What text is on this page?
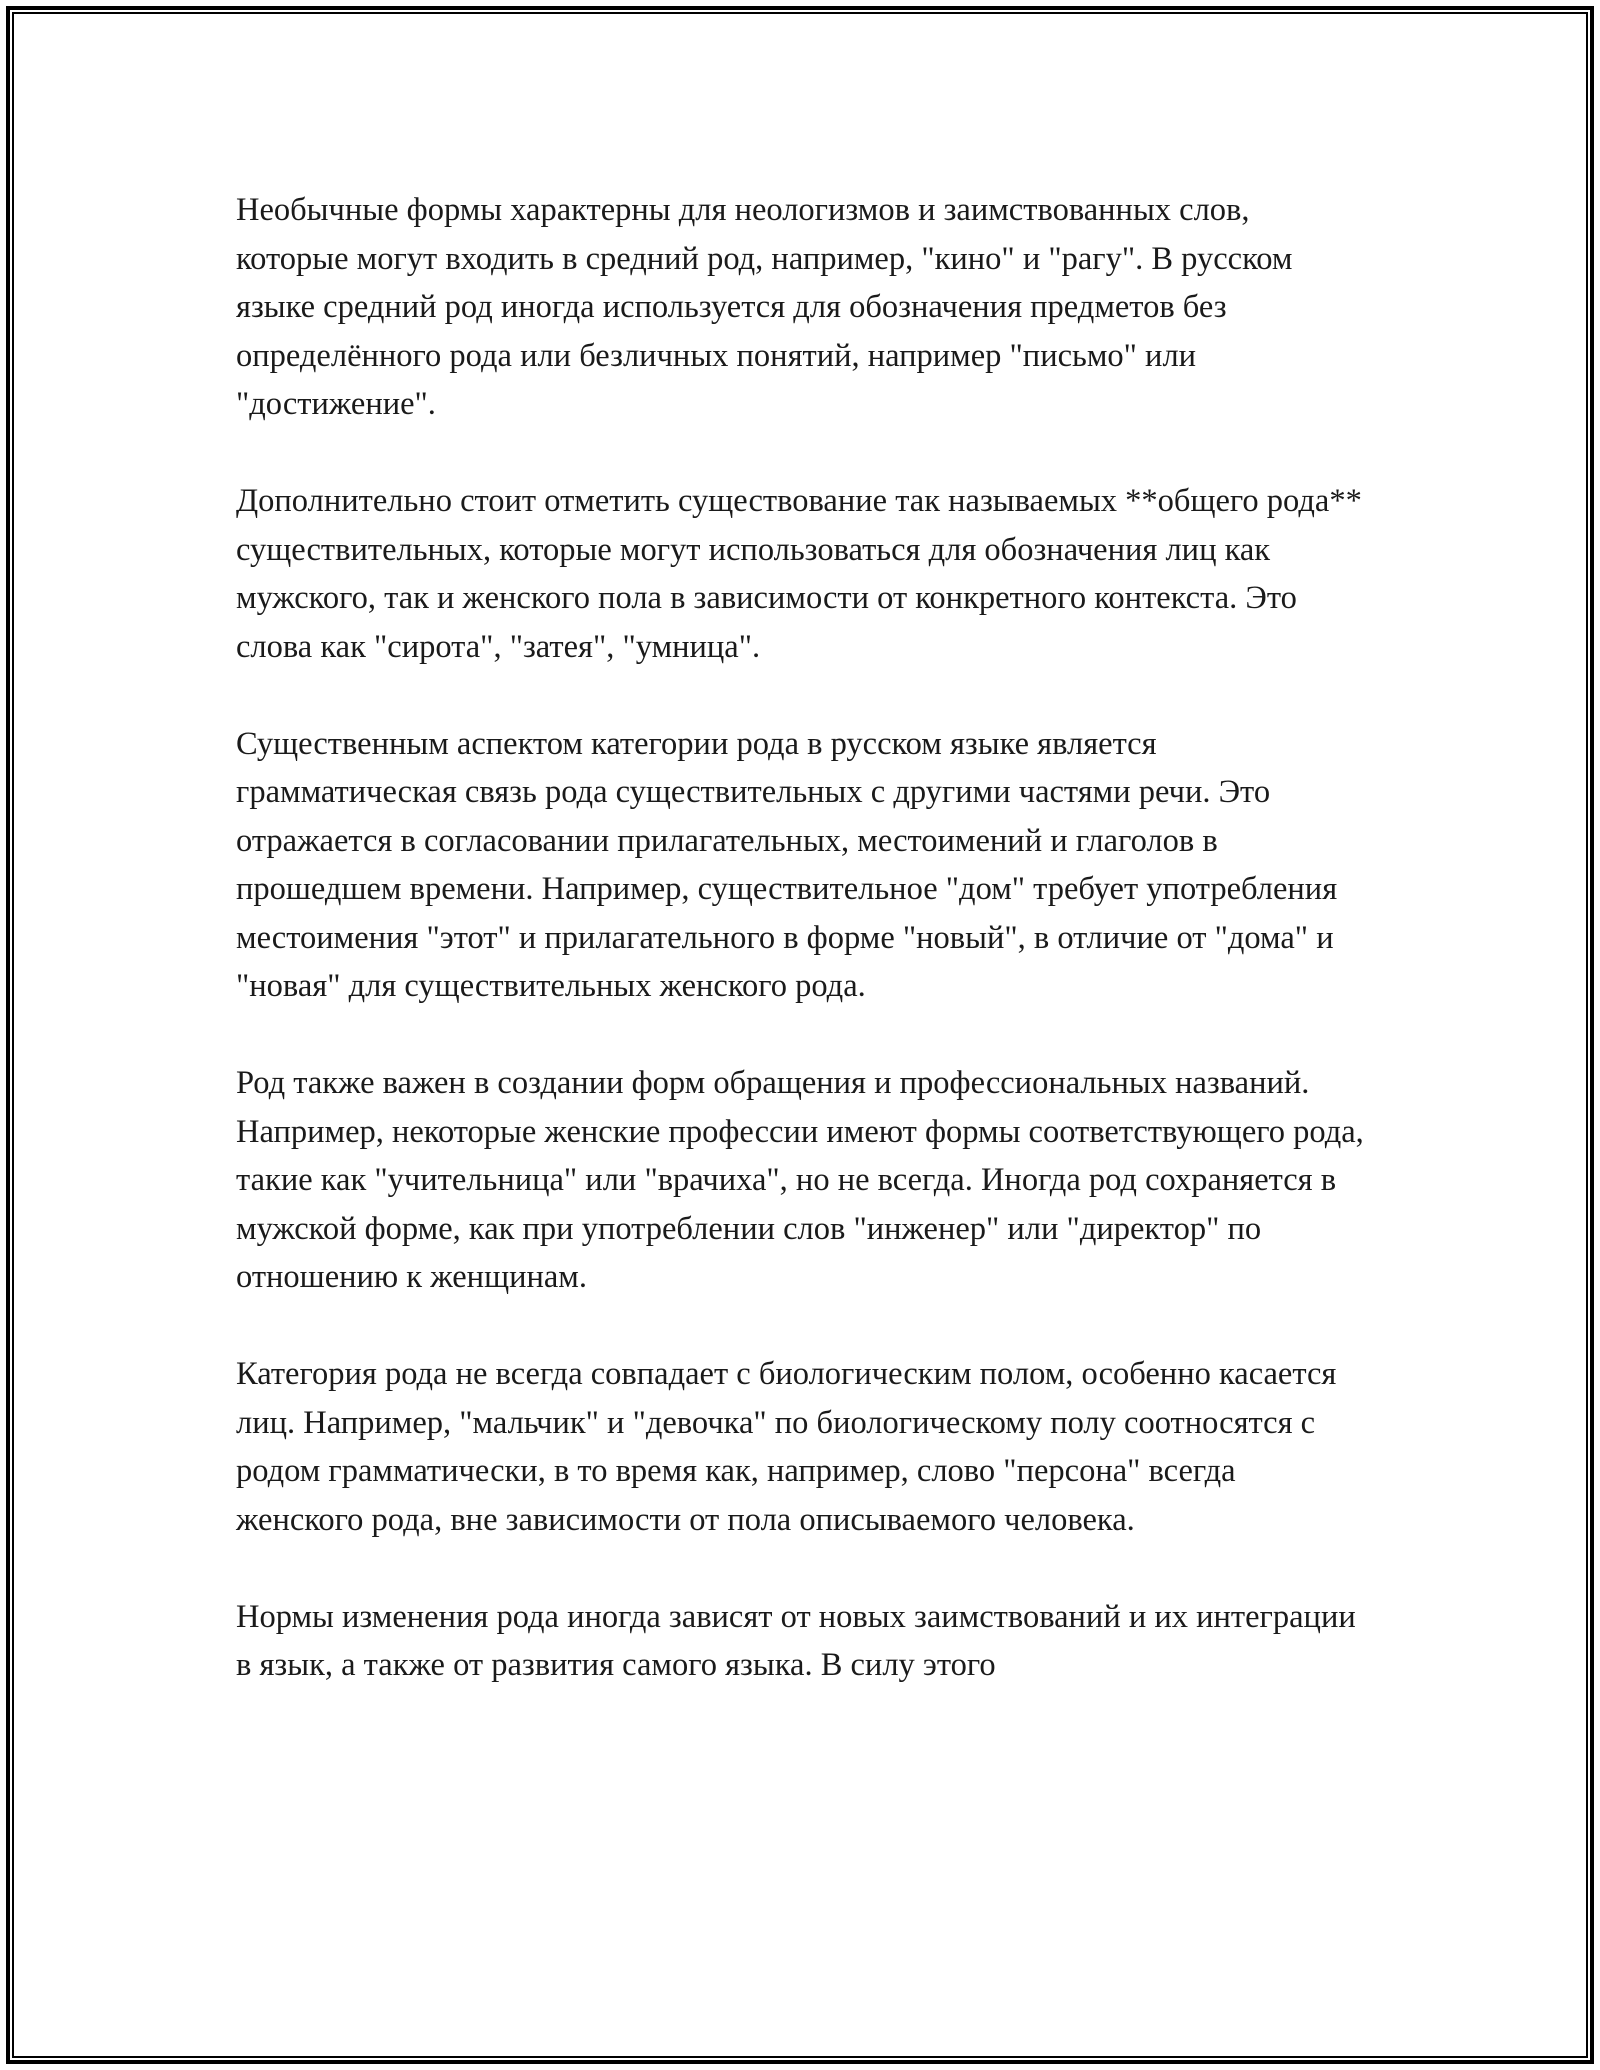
Необычные формы характерны для неологизмов и заимствованных слов, которые могут входить в средний род, например, "кино" и "рагу". В русском языке средний род иногда используется для обозначения предметов без определённого рода или безличных понятий, например "письмо" или "достижение".

Дополнительно стоит отметить существование так называемых **общего рода** существительных, которые могут использоваться для обозначения лиц как мужского, так и женского пола в зависимости от конкретного контекста. Это слова как "сирота", "затея", "умница".

Существенным аспектом категории рода в русском языке является грамматическая связь рода существительных с другими частями речи. Это отражается в согласовании прилагательных, местоимений и глаголов в прошедшем времени. Например, существительное "дом" требует употребления местоимения "этот" и прилагательного в форме "новый", в отличие от "дома" и "новая" для существительных женского рода.

Род также важен в создании форм обращения и профессиональных названий. Например, некоторые женские профессии имеют формы соответствующего рода, такие как "учительница" или "врачиха", но не всегда. Иногда род сохраняется в мужской форме, как при употреблении слов "инженер" или "директор" по отношению к женщинам.

Категория рода не всегда совпадает с биологическим полом, особенно касается лиц. Например, "мальчик" и "девочка" по биологическому полу соотносятся с родом грамматически, в то время как, например, слово "персона" всегда женского рода, вне зависимости от пола описываемого человека.

Нормы изменения рода иногда зависят от новых заимствований и их интеграции в язык, а также от развития самого языка. В силу этого
